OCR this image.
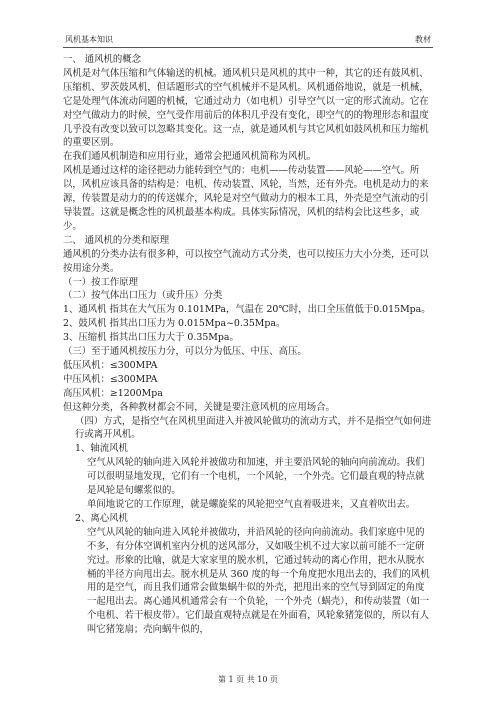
风机基本知识	教材

一、 通风机的概念

风机是对气体压缩和气体输送的机械。通风机只是风机的其中一种，其它的还有鼓风机、压缩机、罗茨鼓风机，但话题形式的空气机械并不是风机。风机通俗地说，就是一机械，它是处理气体流动问题的机械，它通过动力（如电机）引导空气以一定的形式流动。它在对空气做动力的时候，空气受作用前后的体积几乎没有变化，即空气的的物理形态和温度几乎没有改变以致可以忽略其变化。这一点，就是通风机与其它风机如鼓风机和压力缩机的重要区别。

在我们通风机制造和应用行业，通常会把通风机简称为风机。

风机是通过这样的途径把动力能转到空气的：电机——传动装置——风轮——空气。所以，风机应该具备的结构是：电机、传动装置、风轮，当然，还有外壳。电机是动力的来源，传装置是动力的的传送媒介，风轮是对空气做动力的根本工具，外壳是空气流动的引导装置。这就是概念性的风机最基本构成。具体实际情况，风机的结构会比这些多，或少。

二、 通风机的分类和原理

通风机的分类办法有很多种，可以按空气流动方式分类，也可以按压力大小分类，还可以按用途分类。

（一）按工作原理

（二）按气体出口压力（或升压）分类

1、通风机 指其在大气压为 0.101MPa，气温在 20℃时，出口全压值低于0.015Mpa。

2、鼓风机 指其出口压力为 0.015Mpa~0.35Mpa。

3、压缩机 指其出口压力大于 0.35Mpa。

（三）至于通风机按压力分，可以分为低压、中压、高压。

低压风机：≤300MPA

中压风机：≤300MPA

高压风机：≥1200Mpa

但这种分类，各种教材都会不同，关键是要注意风机的应用场合。

（四）方式，是指空气在风机里面进入并被风轮做功的流动方式，并不是指空气如何进行或离开风机。

1、轴流风机

空气从风轮的轴向进入风轮并被做功和加速，并主要沿风轮的轴向向前流动。我们可以很明显地发现，它们有一个电机，一个风轮，一个外壳。它们最直观的特点就是风轮是旬螺浆似的。

单间地说它的工作原理，就是螺旋桨的风轮把空气直着吸进来，又直着吹出去。

2、离心风机

空气从风轮的轴向进入风轮并被做功，并沿风轮的径向向前流动。我们家庭中见的不多，有分体空调机室内分机的送风部分，又如吸尘机不过大家以前可能不一定研究过。形象的比喻，就是大家家里的脱水机，它通过转动的离心作用，把水从脱水桶的半径方向甩出去。脱水机是从 360 度的每一个角度把水甩出去的，我们的风机用的是空气，而且我们通常会做集蜗牛似的外壳，把甩出来的空气导到固定的角度一起甩出去。离心通风机通常会有一个负轮，一个外壳（蜗壳），和传动装置（如一个电机、若干根皮带）。它们最直观特点就是在外面看，风轮象猪笼似的，所以有人叫它猪笼扇；壳向蜗牛似的，

第 1 页 共 10 页
